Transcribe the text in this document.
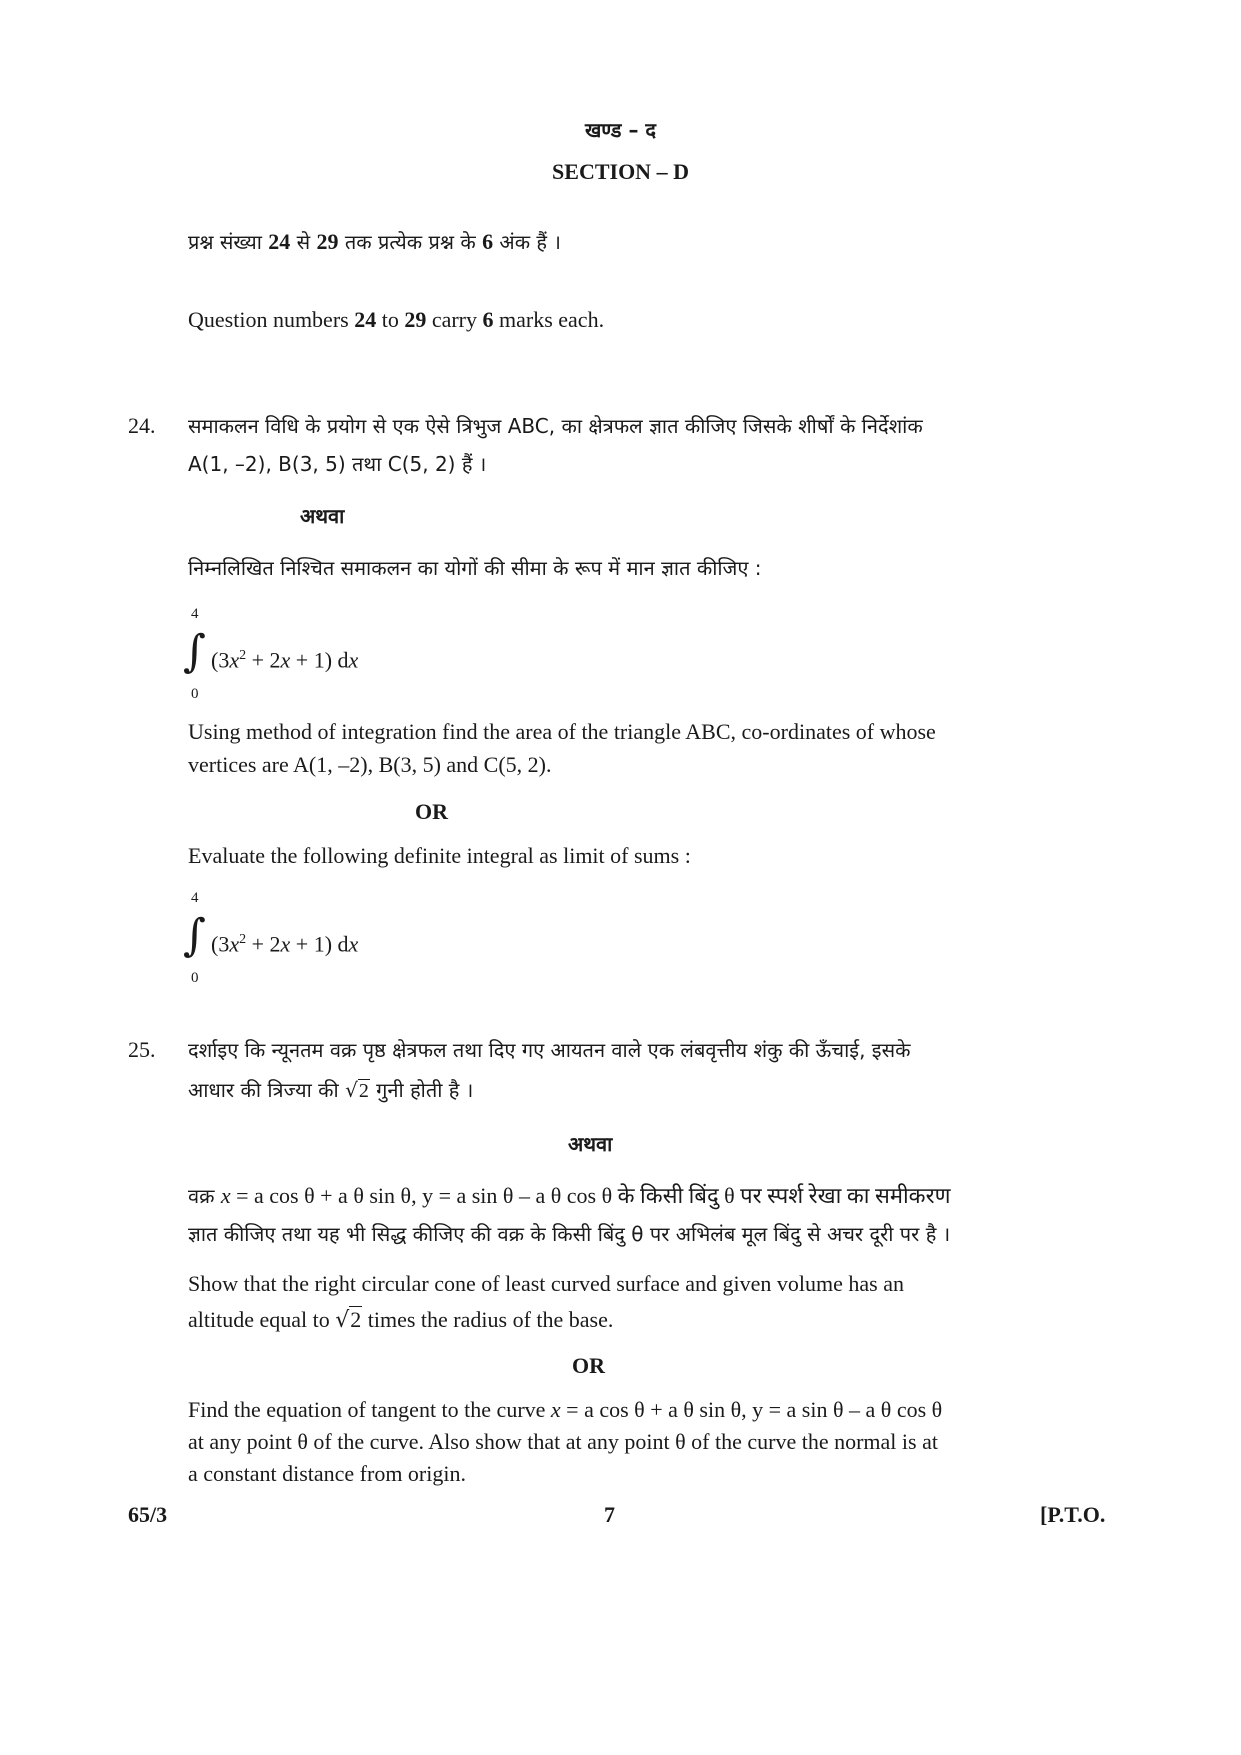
खण्ड – द
SECTION – D
प्रश्न संख्या 24 से 29 तक प्रत्येक प्रश्न के 6 अंक हैं ।
Question numbers 24 to 29 carry 6 marks each.
24. समाकलन विधि के प्रयोग से एक ऐसे त्रिभुज ABC, का क्षेत्रफल ज्ञात कीजिए जिसके शीर्षों के निर्देशांक
A(1, –2), B(3, 5) तथा C(5, 2) हैं ।
अथवा
निम्नलिखित निश्चित समाकलन का योगों की सीमा के रूप में मान ज्ञात कीजिए :
4
∫ $(3x^2 + 2x + 1)$ dx
0
Using method of integration find the area of the triangle ABC, co-ordinates of whose
vertices are A(1, –2), B(3, 5) and C(5, 2).
OR
Evaluate the following definite integral as limit of sums :
4
∫ $(3x^2 + 2x + 1)$ dx
0
25. दर्शाइए कि न्यूनतम वक्र पृष्ठ क्षेत्रफल तथा दिए गए आयतन वाले एक लंबवृत्तीय शंकु की ऊँचाई, इसके
आधार की त्रिज्या की √2 गुनी होती है ।
अथवा
वक्र x = a cos θ + a θ sin θ, y = a sin θ – a θ cos θ के किसी बिंदु θ पर स्पर्श रेखा का समीकरण
ज्ञात कीजिए तथा यह भी सिद्ध कीजिए की वक्र के किसी बिंदु θ पर अभिलंब मूल बिंदु से अचर दूरी पर है ।
Show that the right circular cone of least curved surface and given volume has an
altitude equal to √2 times the radius of the base.
OR
Find the equation of tangent to the curve x = a cos θ + a θ sin θ, y = a sin θ – a θ cos θ
at any point θ of the curve. Also show that at any point θ of the curve the normal is at
a constant distance from origin.
65/3	7	[P.T.O.
